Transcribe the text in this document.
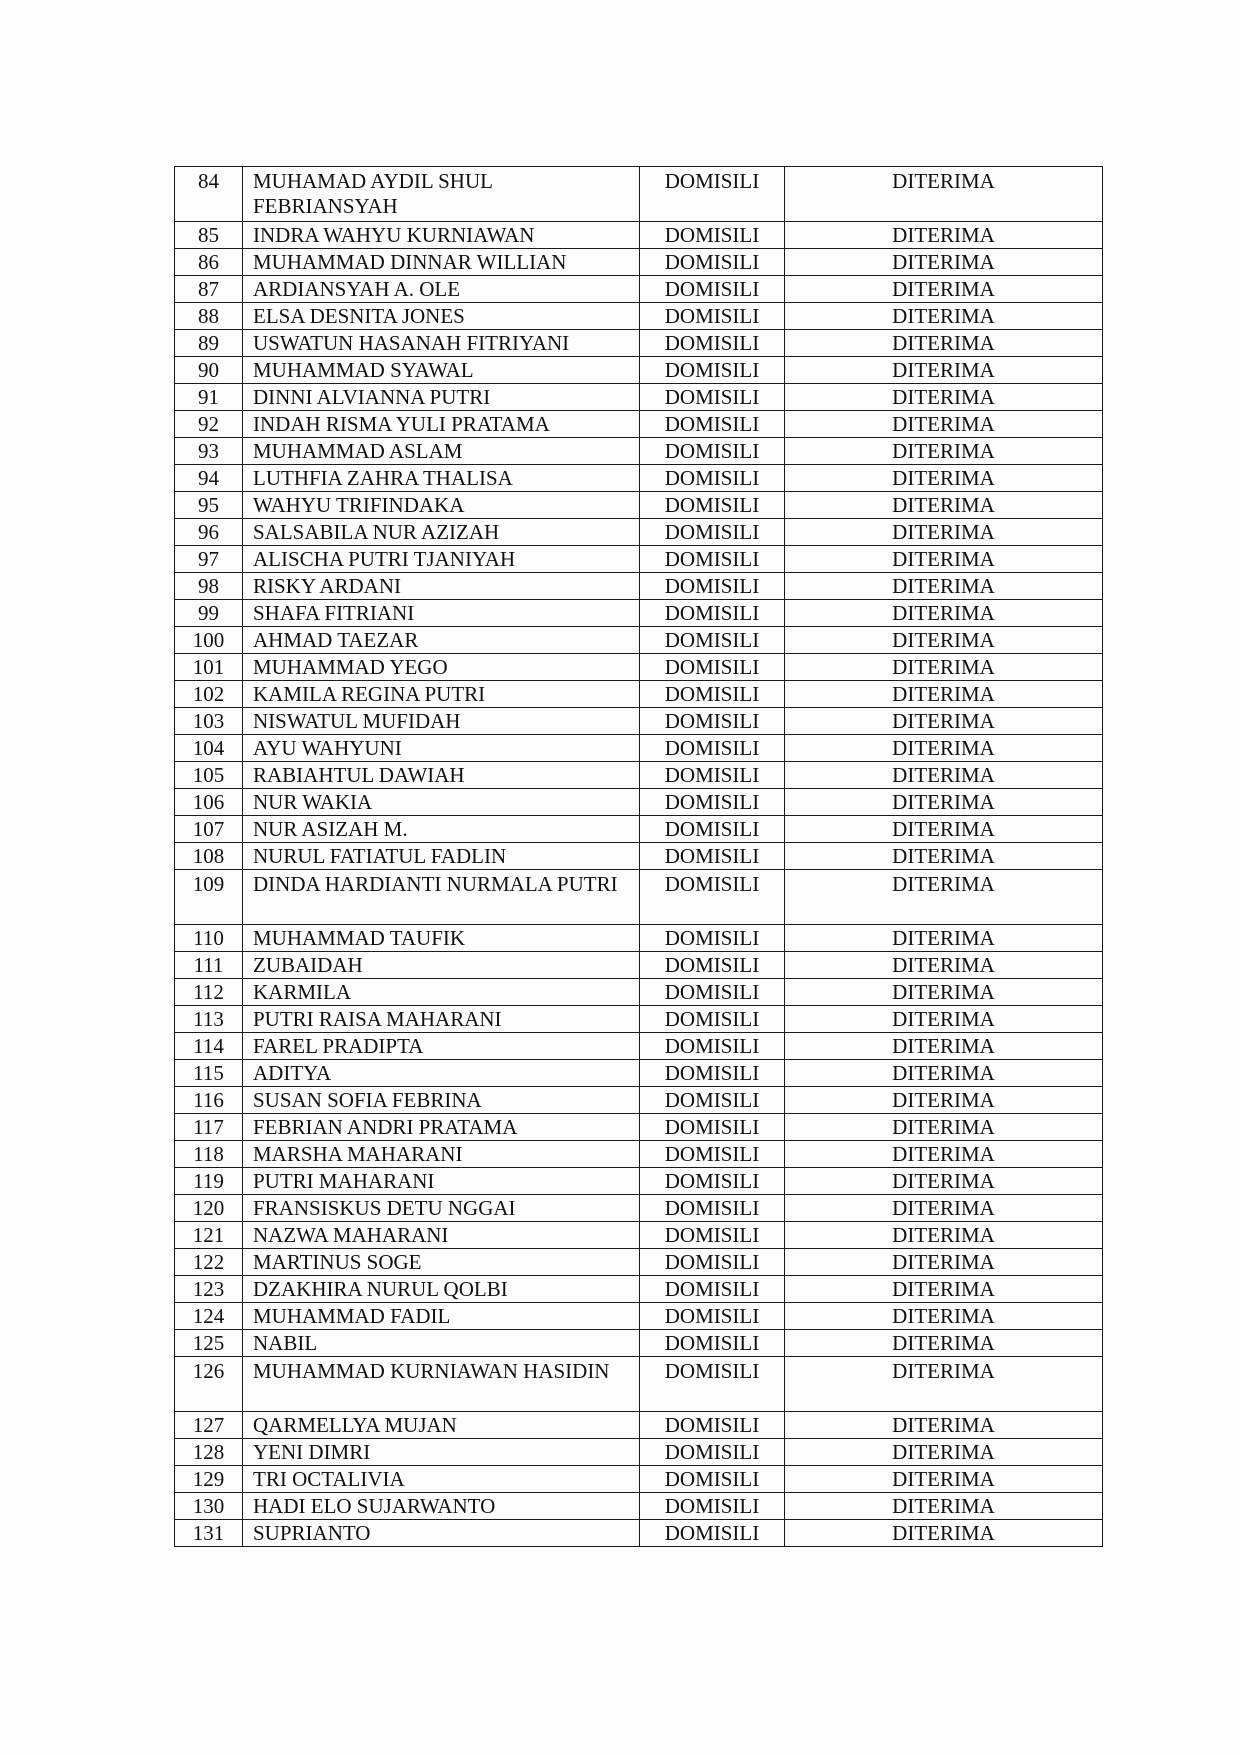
84	MUHAMAD AYDIL SHUL FEBRIANSYAH	DOMISILI	DITERIMA
85	INDRA WAHYU KURNIAWAN	DOMISILI	DITERIMA
86	MUHAMMAD DINNAR WILLIAN	DOMISILI	DITERIMA
87	ARDIANSYAH A. OLE	DOMISILI	DITERIMA
88	ELSA DESNITA JONES	DOMISILI	DITERIMA
89	USWATUN HASANAH FITRIYANI	DOMISILI	DITERIMA
90	MUHAMMAD SYAWAL	DOMISILI	DITERIMA
91	DINNI ALVIANNA PUTRI	DOMISILI	DITERIMA
92	INDAH RISMA YULI PRATAMA	DOMISILI	DITERIMA
93	MUHAMMAD ASLAM	DOMISILI	DITERIMA
94	LUTHFIA ZAHRA THALISA	DOMISILI	DITERIMA
95	WAHYU TRIFINDAKA	DOMISILI	DITERIMA
96	SALSABILA NUR AZIZAH	DOMISILI	DITERIMA
97	ALISCHA PUTRI TJANIYAH	DOMISILI	DITERIMA
98	RISKY ARDANI	DOMISILI	DITERIMA
99	SHAFA FITRIANI	DOMISILI	DITERIMA
100	AHMAD TAEZAR	DOMISILI	DITERIMA
101	MUHAMMAD YEGO	DOMISILI	DITERIMA
102	KAMILA REGINA PUTRI	DOMISILI	DITERIMA
103	NISWATUL MUFIDAH	DOMISILI	DITERIMA
104	AYU WAHYUNI	DOMISILI	DITERIMA
105	RABIAHTUL DAWIAH	DOMISILI	DITERIMA
106	NUR WAKIA	DOMISILI	DITERIMA
107	NUR ASIZAH M.	DOMISILI	DITERIMA
108	NURUL FATIATUL FADLIN	DOMISILI	DITERIMA
109	DINDA HARDIANTI NURMALA PUTRI	DOMISILI	DITERIMA
110	MUHAMMAD TAUFIK	DOMISILI	DITERIMA
111	ZUBAIDAH	DOMISILI	DITERIMA
112	KARMILA	DOMISILI	DITERIMA
113	PUTRI RAISA MAHARANI	DOMISILI	DITERIMA
114	FAREL PRADIPTA	DOMISILI	DITERIMA
115	ADITYA	DOMISILI	DITERIMA
116	SUSAN SOFIA FEBRINA	DOMISILI	DITERIMA
117	FEBRIAN ANDRI PRATAMA	DOMISILI	DITERIMA
118	MARSHA MAHARANI	DOMISILI	DITERIMA
119	PUTRI MAHARANI	DOMISILI	DITERIMA
120	FRANSISKUS DETU NGGAI	DOMISILI	DITERIMA
121	NAZWA MAHARANI	DOMISILI	DITERIMA
122	MARTINUS SOGE	DOMISILI	DITERIMA
123	DZAKHIRA NURUL QOLBI	DOMISILI	DITERIMA
124	MUHAMMAD FADIL	DOMISILI	DITERIMA
125	NABIL	DOMISILI	DITERIMA
126	MUHAMMAD KURNIAWAN HASIDIN	DOMISILI	DITERIMA
127	QARMELLYA MUJAN	DOMISILI	DITERIMA
128	YENI DIMRI	DOMISILI	DITERIMA
129	TRI OCTALIVIA	DOMISILI	DITERIMA
130	HADI ELO SUJARWANTO	DOMISILI	DITERIMA
131	SUPRIANTO	DOMISILI	DITERIMA
